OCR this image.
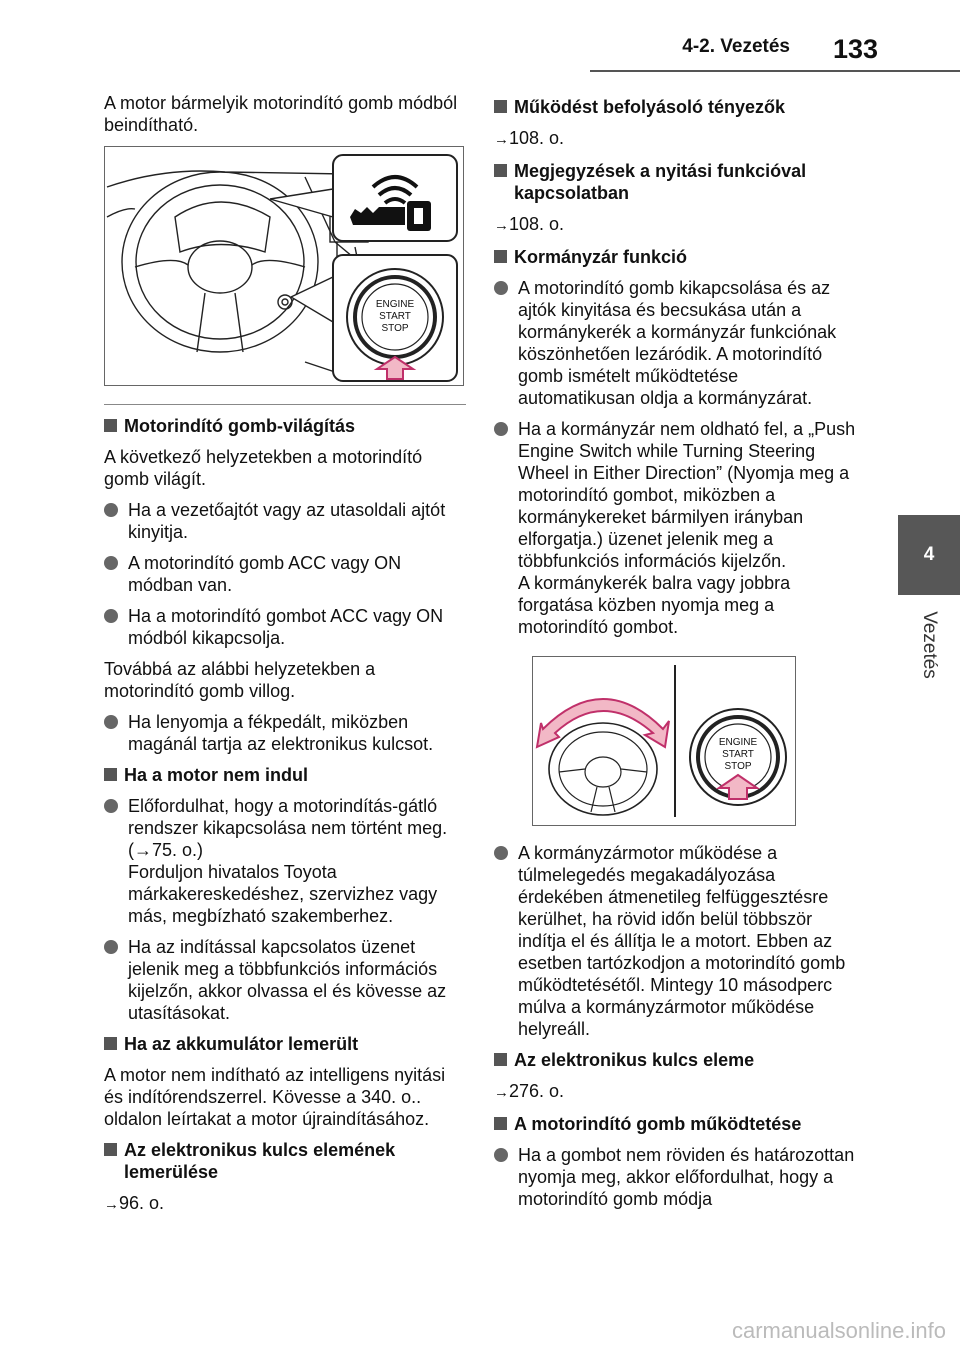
4-2. Vezetés 133
4
Vezetés

A motor bármelyik motorindító gomb módból beindítható.

ENGINE
START
STOP

Motorindító gomb-világítás

A következő helyzetekben a motorindító gomb világít.

Ha a vezetőajtót vagy az utasoldali ajtót kinyitja.

A motorindító gomb ACC vagy ON módban van.

Ha a motorindító gombot ACC vagy ON módból kikapcsolja.

Továbbá az alábbi helyzetekben a motorindító gomb villog.

Ha lenyomja a fékpedált, miközben magánál tartja az elektronikus kulcsot.

Ha a motor nem indul

Előfordulhat, hogy a motorindítás-gátló rendszer kikapcsolása nem történt meg. (→75. o.)
Forduljon hivatalos Toyota márkakereskedéshez, szervizhez vagy más, megbízható szakemberhez.

Ha az indítással kapcsolatos üzenet jelenik meg a többfunkciós információs kijelzőn, akkor olvassa el és kövesse az utasításokat.

Ha az akkumulátor lemerült

A motor nem indítható az intelligens nyitási és indítórendszerrel. Kövesse a 340. o.. oldalon leírtakat a motor újraindításához.

Az elektronikus kulcs elemének lemerülése

→96. o.

Működést befolyásoló tényezők

→108. o.

Megjegyzések a nyitási funkcióval kapcsolatban

→108. o.

Kormányzár funkció

A motorindító gomb kikapcsolása és az ajtók kinyitása és becsukása után a kormánykerék a kormányzár funkciónak köszönhetően lezáródik. A motorindító gomb ismételt működtetése automatikusan oldja a kormányzárat.

Ha a kormányzár nem oldható fel, a „Push Engine Switch while Turning Steering Wheel in Either Direction” (Nyomja meg a motorindító gombot, miközben a kormánykereket bármilyen irányban elforgatja.) üzenet jelenik meg a többfunkciós információs kijelzőn.
A kormánykerék balra vagy jobbra forgatása közben nyomja meg a motorindító gombot.

ENGINE
START
STOP

A kormányzármotor működése a túlmelegedés megakadályozása érdekében átmenetileg felfüggesztésre kerülhet, ha rövid időn belül többször indítja el és állítja le a motort. Ebben az esetben tartózkodjon a motorindító gomb működtetésétől. Mintegy 10 másodperc múlva a kormányzármotor működése helyreáll.

Az elektronikus kulcs eleme

→276. o.

A motorindító gomb működtetése

Ha a gombot nem röviden és határozottan nyomja meg, akkor előfordulhat, hogy a motorindító gomb módja

carmanualsonline.info
